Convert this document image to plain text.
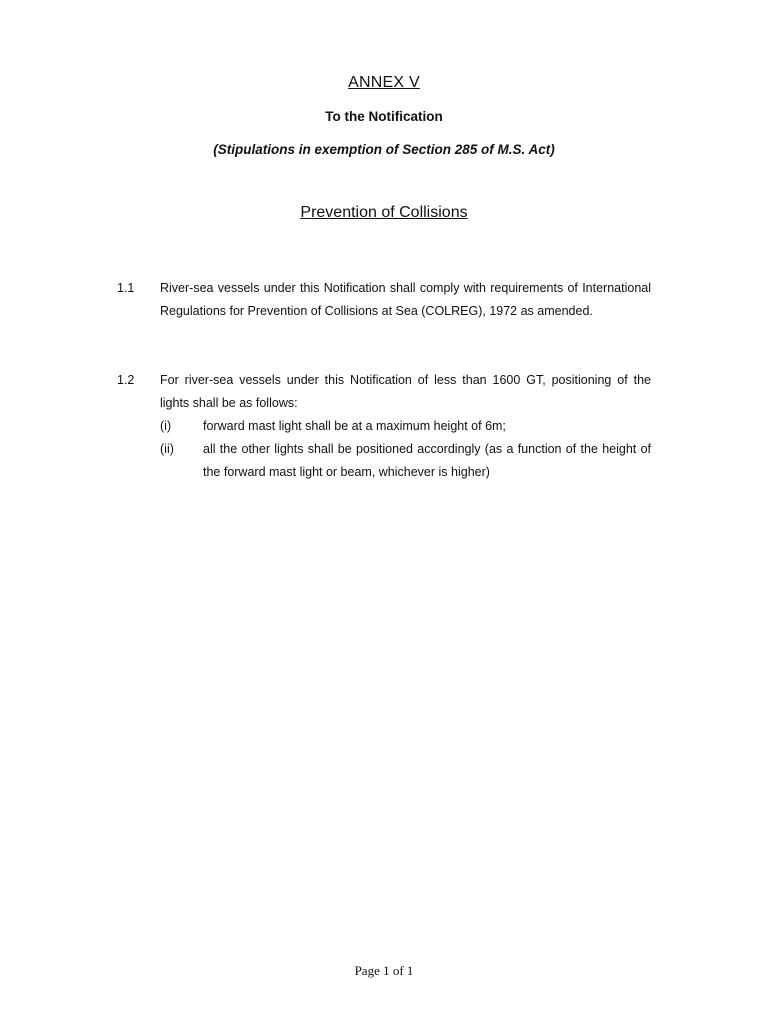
ANNEX V
To the Notification
(Stipulations in exemption of Section 285 of M.S. Act)
Prevention of Collisions
1.1	River-sea vessels under this Notification shall comply with requirements of International Regulations for Prevention of Collisions at Sea (COLREG), 1972 as amended.
1.2	For river-sea vessels under this Notification of less than 1600 GT, positioning of the lights shall be as follows:
(i)	forward mast light shall be at a maximum height of 6m;
(ii)	all the other lights shall be positioned accordingly (as a function of the height of the forward mast light or beam, whichever is higher)
Page 1 of 1
